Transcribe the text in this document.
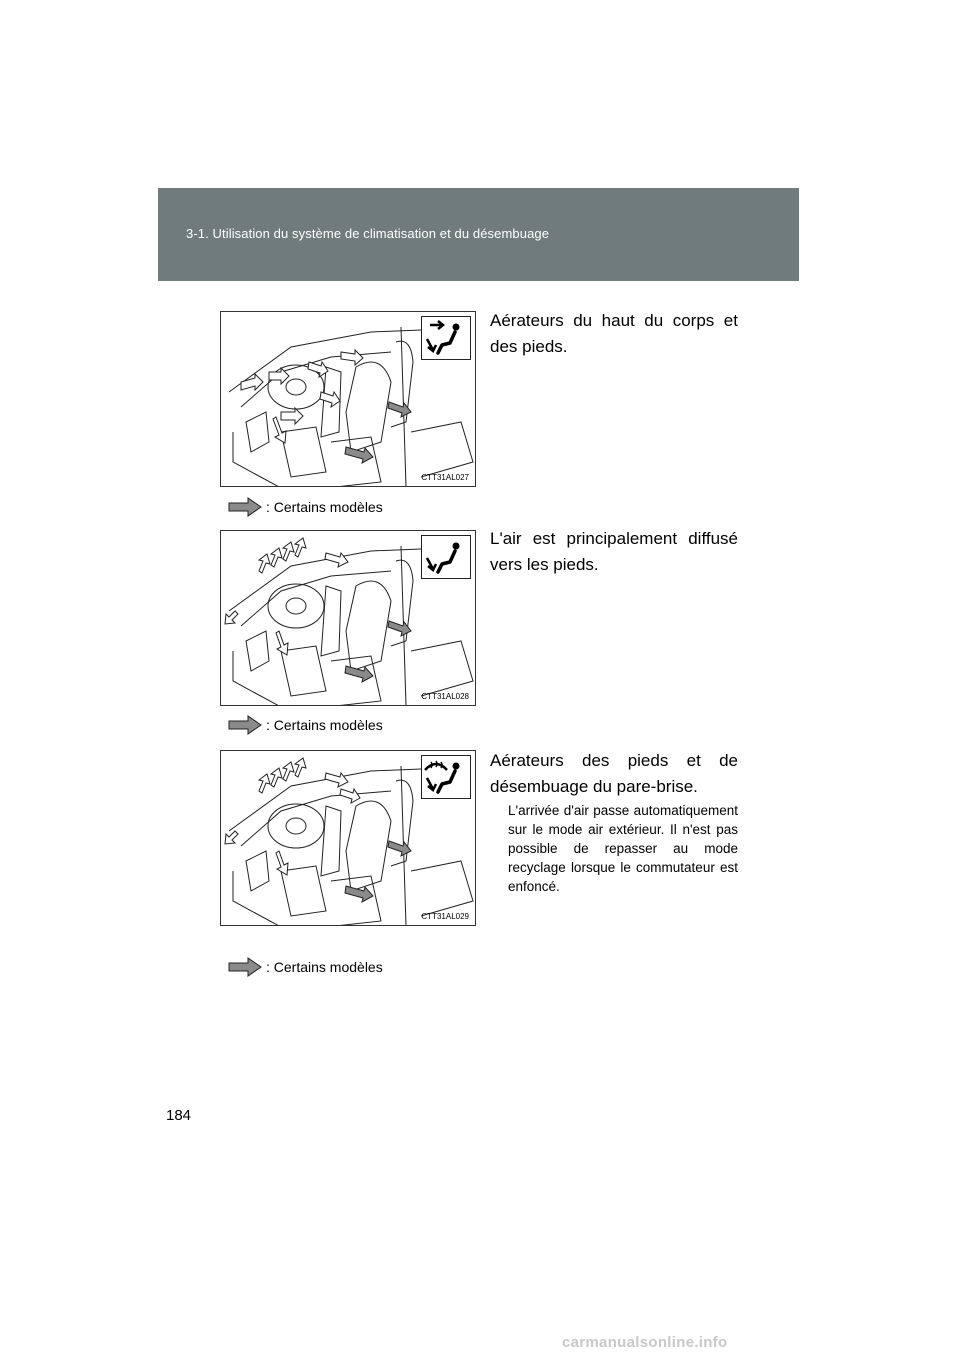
3-1. Utilisation du système de climatisation et du désembuage
CTT31AL027
: Certains modèles
Aérateurs du haut du corps et des pieds.
CTT31AL028
: Certains modèles
L'air est principalement diffusé vers les pieds.
CTT31AL029
: Certains modèles
Aérateurs des pieds et de désembuage du pare-brise.
L'arrivée d'air passe automatiquement sur le mode air extérieur. Il n'est pas possible de repasser au mode recyclage lorsque le commutateur est enfoncé.
184
carmanualsonline.info
